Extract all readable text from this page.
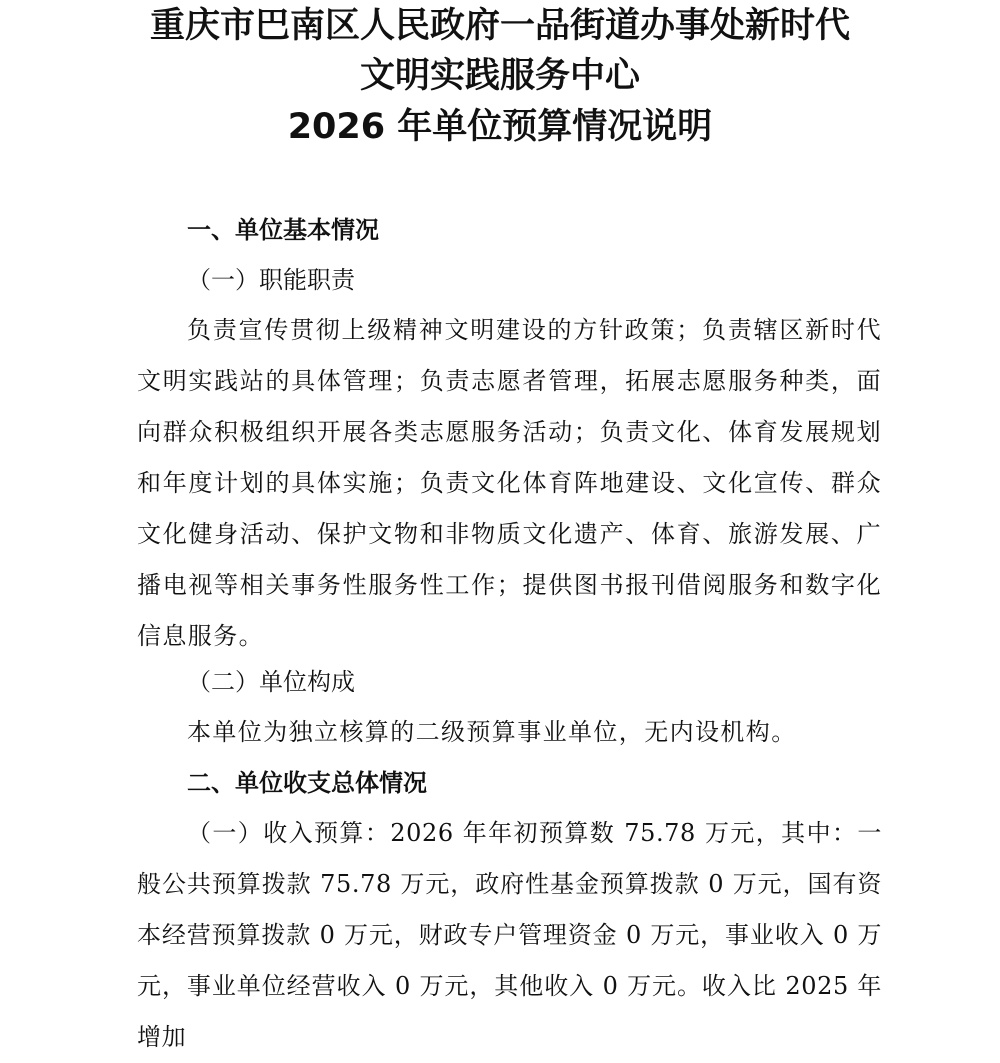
重庆市巴南区人民政府一品街道办事处新时代
文明实践服务中心
2026 年单位预算情况说明
一、单位基本情况
（一）职能职责
负责宣传贯彻上级精神文明建设的方针政策；负责辖区新时代文明实践站的具体管理；负责志愿者管理，拓展志愿服务种类，面向群众积极组织开展各类志愿服务活动；负责文化、体育发展规划和年度计划的具体实施；负责文化体育阵地建设、文化宣传、群众文化健身活动、保护文物和非物质文化遗产、体育、旅游发展、广播电视等相关事务性服务性工作；提供图书报刊借阅服务和数字化信息服务。
（二）单位构成
本单位为独立核算的二级预算事业单位，无内设机构。
二、单位收支总体情况
（一）收入预算：2026 年年初预算数 75.78 万元，其中：一般公共预算拨款 75.78 万元，政府性基金预算拨款 0 万元，国有资本经营预算拨款 0 万元，财政专户管理资金 0 万元，事业收入 0 万元，事业单位经营收入 0 万元，其他收入 0 万元。收入比 2025 年增加
